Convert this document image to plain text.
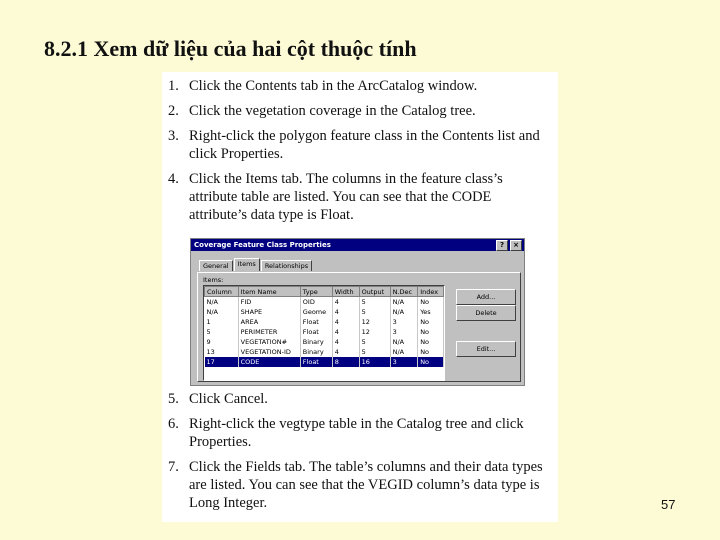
8.2.1 Xem dữ liệu của hai cột thuộc tính
1. Click the Contents tab in the ArcCatalog window.
2. Click the vegetation coverage in the Catalog tree.
3. Right-click the polygon feature class in the Contents list and click Properties.
4. Click the Items tab. The columns in the feature class’s attribute table are listed. You can see that the CODE attribute’s data type is Float.
Coverage Feature Class Properties	?	×
General	Items	Relationships
Items:
Column	Item Name	Type	Width	Output	N.Dec	Index
N/A	FID	OID	4	5	N/A	No
N/A	SHAPE	Geome	4	5	N/A	Yes
1	AREA	Float	4	12	3	No
5	PERIMETER	Float	4	12	3	No
9	VEGETATION#	Binary	4	5	N/A	No
13	VEGETATION-ID	Binary	4	5	N/A	No
17	CODE	Float	8	16	3	No
Add...
Delete
Edit...
5. Click Cancel.
6. Right-click the vegtype table in the Catalog tree and click Properties.
7. Click the Fields tab. The table’s columns and their data types are listed. You can see that the VEGID column’s data type is Long Integer.	57
